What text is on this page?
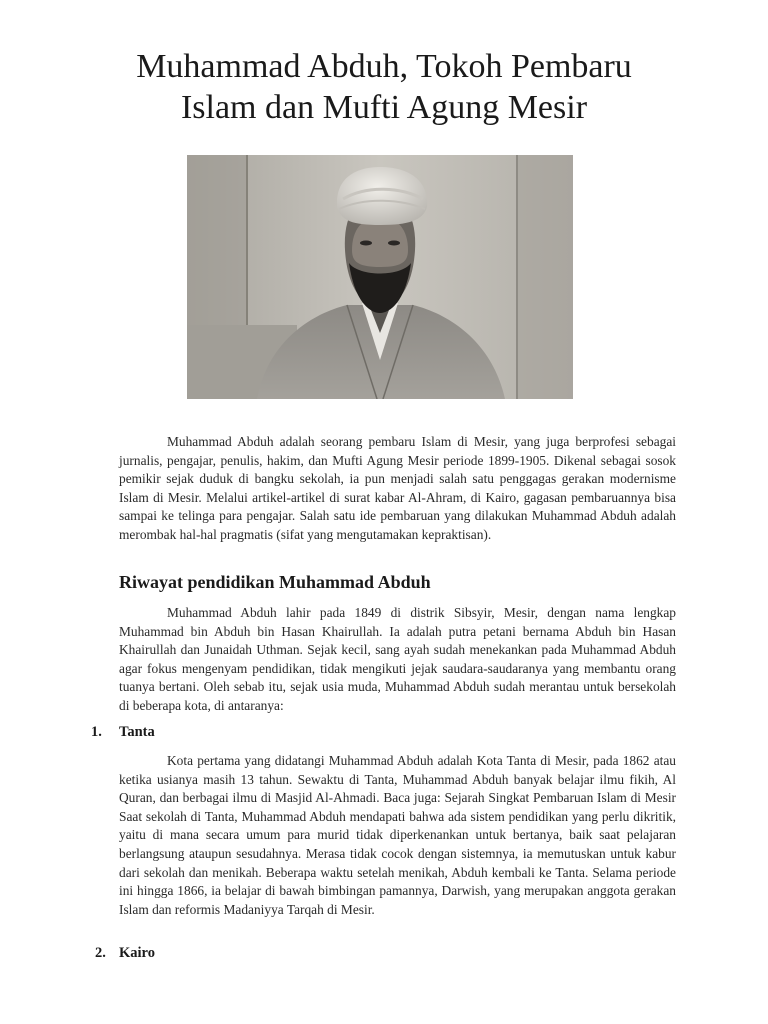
Muhammad Abduh, Tokoh Pembaru
Islam dan Mufti Agung Mesir

Muhammad Abduh adalah seorang pembaru Islam di Mesir, yang juga berprofesi sebagai jurnalis, pengajar, penulis, hakim, dan Mufti Agung Mesir periode 1899-1905. Dikenal sebagai sosok pemikir sejak duduk di bangku sekolah, ia pun menjadi salah satu penggagas gerakan modernisme Islam di Mesir. Melalui artikel-artikel di surat kabar Al-Ahram, di Kairo, gagasan pembaruannya bisa sampai ke telinga para pengajar. Salah satu ide pembaruan yang dilakukan Muhammad Abduh adalah merombak hal-hal pragmatis (sifat yang mengutamakan kepraktisan).

Riwayat pendidikan Muhammad Abduh

Muhammad Abduh lahir pada 1849 di distrik Sibsyir, Mesir, dengan nama lengkap Muhammad bin Abduh bin Hasan Khairullah. Ia adalah putra petani bernama Abduh bin Hasan Khairullah dan Junaidah Uthman. Sejak kecil, sang ayah sudah menekankan pada Muhammad Abduh agar fokus mengenyam pendidikan, tidak mengikuti jejak saudara-saudaranya yang membantu orang tuanya bertani. Oleh sebab itu, sejak usia muda, Muhammad Abduh sudah merantau untuk bersekolah di beberapa kota, di antaranya:

1. Tanta

Kota pertama yang didatangi Muhammad Abduh adalah Kota Tanta di Mesir, pada 1862 atau ketika usianya masih 13 tahun. Sewaktu di Tanta, Muhammad Abduh banyak belajar ilmu fikih, Al Quran, dan berbagai ilmu di Masjid Al-Ahmadi. Baca juga: Sejarah Singkat Pembaruan Islam di Mesir Saat sekolah di Tanta, Muhammad Abduh mendapati bahwa ada sistem pendidikan yang perlu dikritik, yaitu di mana secara umum para murid tidak diperkenankan untuk bertanya, baik saat pelajaran berlangsung ataupun sesudahnya. Merasa tidak cocok dengan sistemnya, ia memutuskan untuk kabur dari sekolah dan menikah. Beberapa waktu setelah menikah, Abduh kembali ke Tanta. Selama periode ini hingga 1866, ia belajar di bawah bimbingan pamannya, Darwish, yang merupakan anggota gerakan Islam dan reformis Madaniyya Tarqah di Mesir.

2. Kairo
